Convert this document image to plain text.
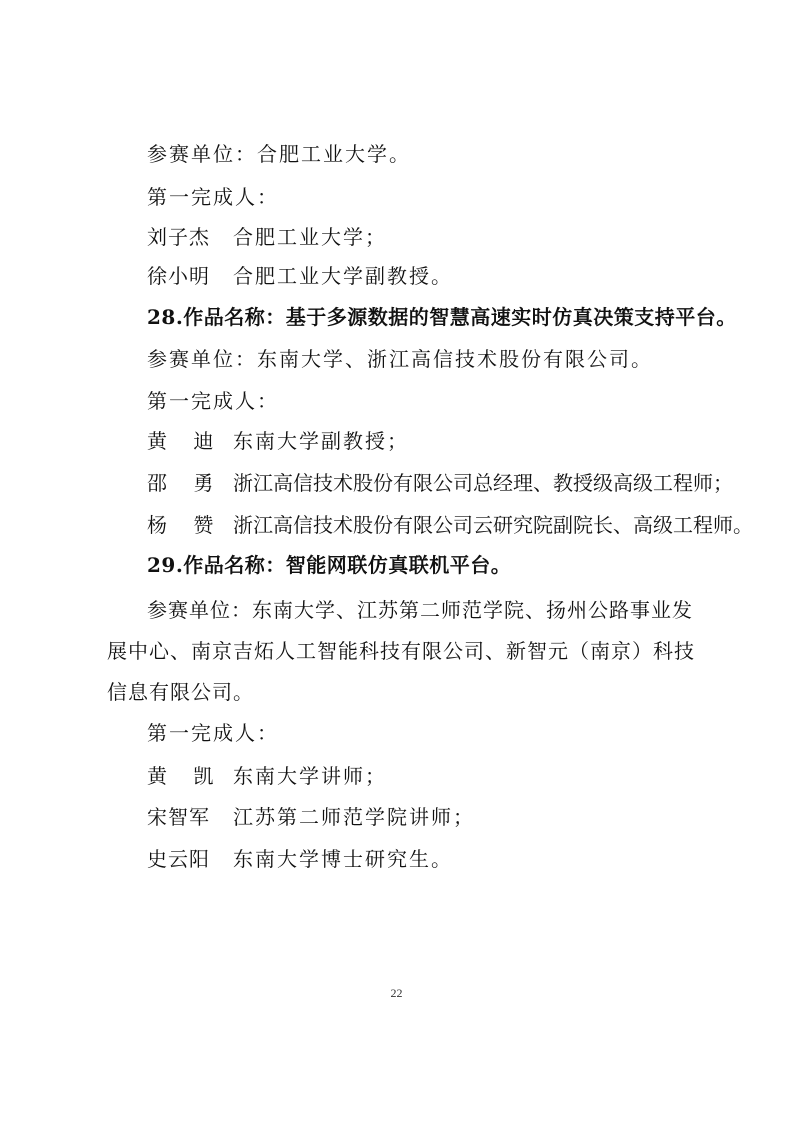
参赛单位：合肥工业大学。
第一完成人：
刘子杰 合肥工业大学；
徐小明 合肥工业大学副教授。
28.作品名称：基于多源数据的智慧高速实时仿真决策支持平台。
参赛单位：东南大学、浙江高信技术股份有限公司。
第一完成人：
黄 迪 东南大学副教授；
邵 勇 浙江高信技术股份有限公司总经理、教授级高级工程师；
杨 赞 浙江高信技术股份有限公司云研究院副院长、高级工程师。
29.作品名称：智能网联仿真联机平台。
参赛单位：东南大学、江苏第二师范学院、扬州公路事业发
展中心、南京吉炻人工智能科技有限公司、新智元（南京）科技
信息有限公司。
第一完成人：
黄 凯 东南大学讲师；
宋智军 江苏第二师范学院讲师；
史云阳 东南大学博士研究生。
22
